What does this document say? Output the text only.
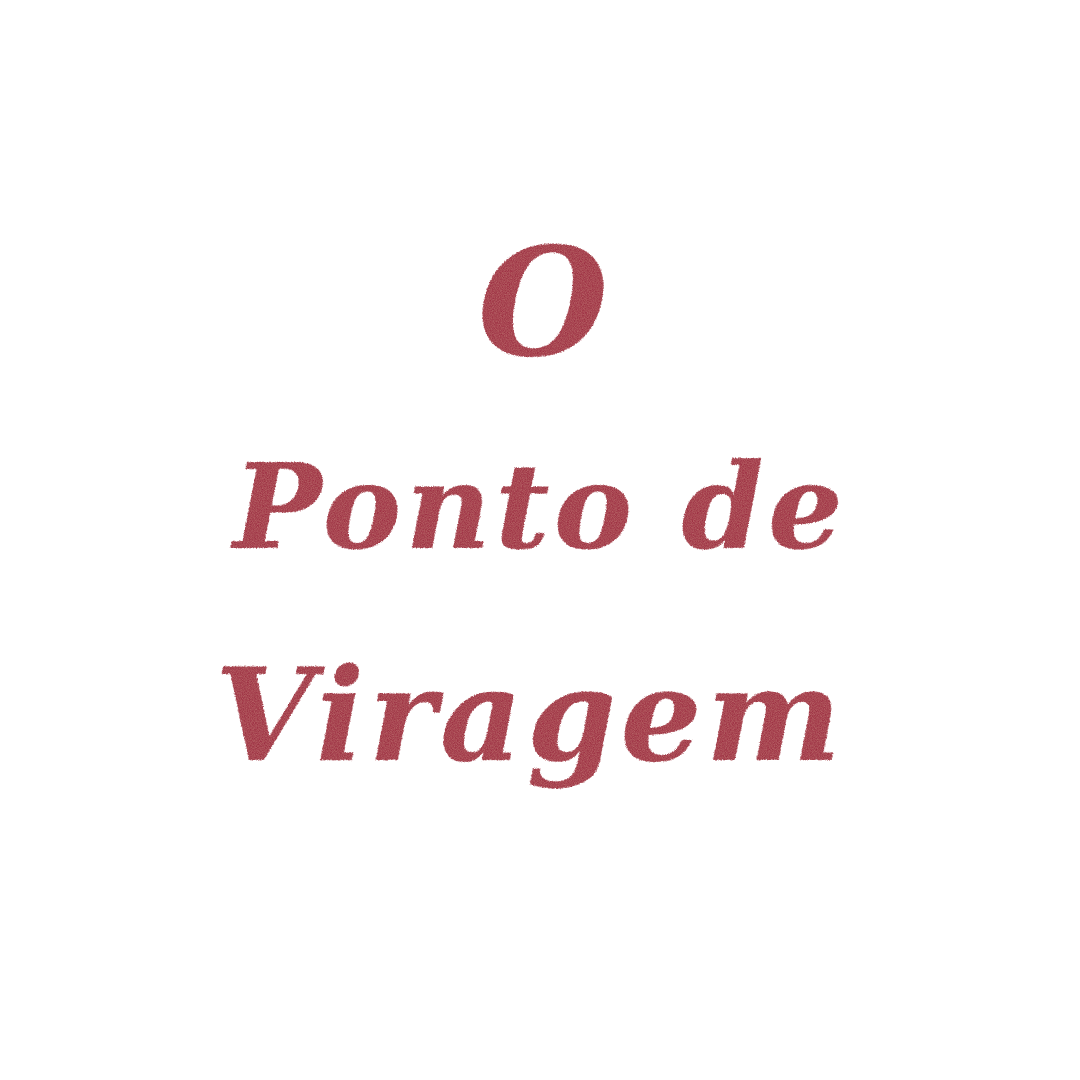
O
Ponto de
Viragem
